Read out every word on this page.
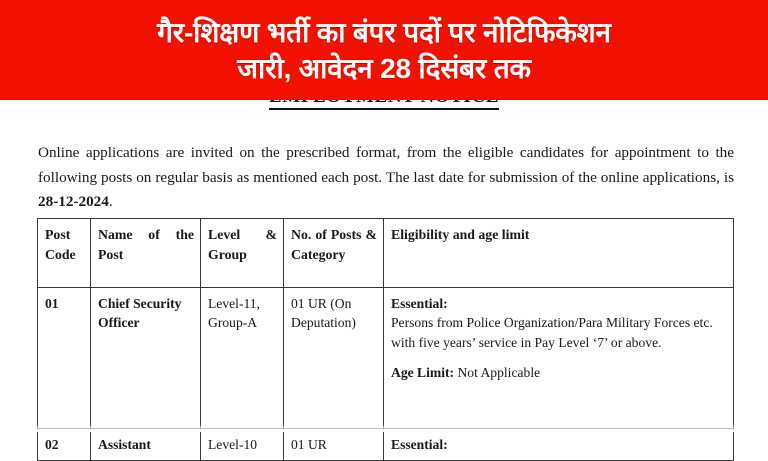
Online applications are invited on the prescribed format, from the eligible candidates for appointment to the following posts on regular basis as mentioned each post. The last date for submission of the online applications, is 28-12-2024.

Post Code	Name of the Post	Level & Group	No. of Posts & Category	Eligibility and age limit
01	Chief Security Officer	Level-11, Group-A	01 UR (On Deputation)	Essential:
Persons from Police Organization/Para Military Forces etc. with five years’ service in Pay Level ‘7’ or above.
Age Limit: Not Applicable

02	Assistant	Level-10	01 UR	Essential:
गैर-शिक्षण भर्ती का बंपर पदों पर नोटिफिकेशन
जारी, आवेदन 28 दिसंबर तक
